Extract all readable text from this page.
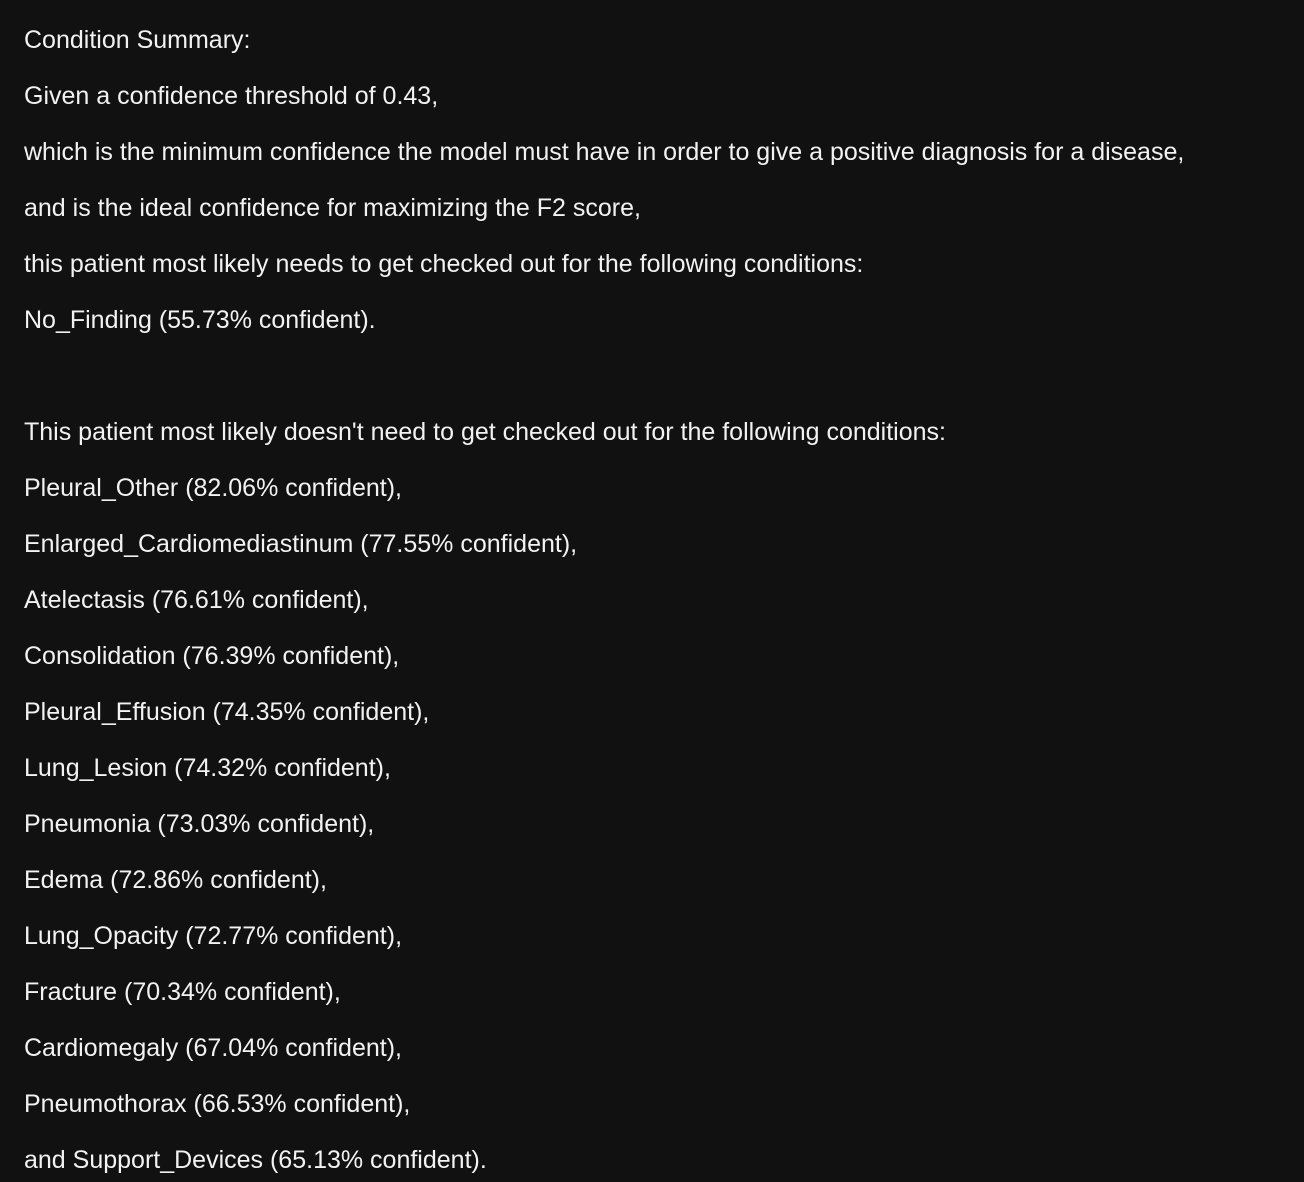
Condition Summary:
Given a confidence threshold of 0.43,
which is the minimum confidence the model must have in order to give a positive diagnosis for a disease,
and is the ideal confidence for maximizing the F2 score,
this patient most likely needs to get checked out for the following conditions:
No_Finding (55.73% confident).
This patient most likely doesn't need to get checked out for the following conditions:
Pleural_Other (82.06% confident),
Enlarged_Cardiomediastinum (77.55% confident),
Atelectasis (76.61% confident),
Consolidation (76.39% confident),
Pleural_Effusion (74.35% confident),
Lung_Lesion (74.32% confident),
Pneumonia (73.03% confident),
Edema (72.86% confident),
Lung_Opacity (72.77% confident),
Fracture (70.34% confident),
Cardiomegaly (67.04% confident),
Pneumothorax (66.53% confident),
and Support_Devices (65.13% confident).
